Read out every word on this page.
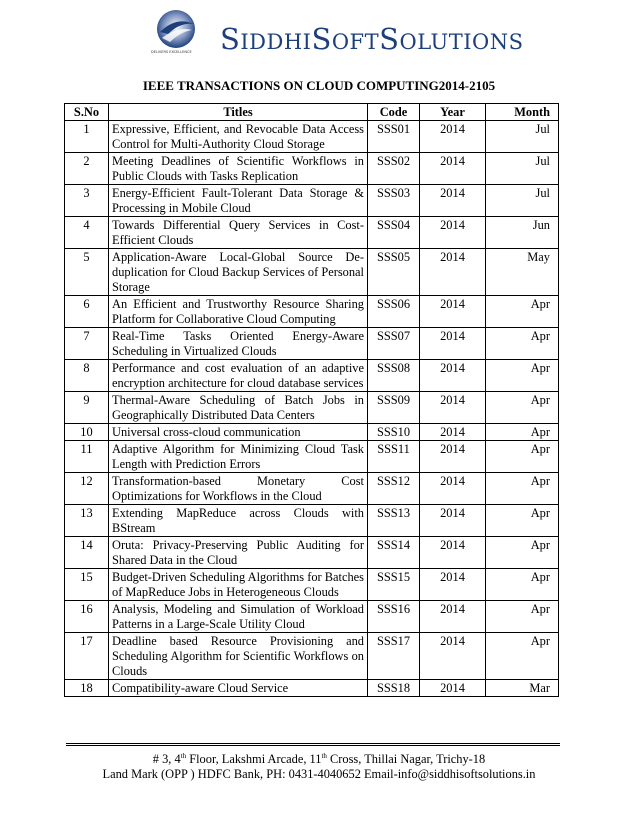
DELIVERS EXCELLENCE SIDDHISOFTSOLUTIONS
IEEE TRANSACTIONS ON CLOUD COMPUTING2014-2105
S.No	Titles	Code	Year	Month
1	Expressive, Efficient, and Revocable Data Access Control for Multi-Authority Cloud Storage	SSS01	2014	Jul
2	Meeting Deadlines of Scientific Workflows in Public Clouds with Tasks Replication	SSS02	2014	Jul
3	Energy-Efficient Fault-Tolerant Data Storage & Processing in Mobile Cloud	SSS03	2014	Jul
4	Towards Differential Query Services in Cost-Efficient Clouds	SSS04	2014	Jun
5	Application-Aware Local-Global Source De-duplication for Cloud Backup Services of Personal Storage	SSS05	2014	May
6	An Efficient and Trustworthy Resource Sharing Platform for Collaborative Cloud Computing	SSS06	2014	Apr
7	Real-Time Tasks Oriented Energy-Aware Scheduling in Virtualized Clouds	SSS07	2014	Apr
8	Performance and cost evaluation of an adaptive encryption architecture for cloud database services	SSS08	2014	Apr
9	Thermal-Aware Scheduling of Batch Jobs in Geographically Distributed Data Centers	SSS09	2014	Apr
10	Universal cross-cloud communication	SSS10	2014	Apr
11	Adaptive Algorithm for Minimizing Cloud Task Length with Prediction Errors	SSS11	2014	Apr
12	Transformation-based Monetary Cost Optimizations for Workflows in the Cloud	SSS12	2014	Apr
13	Extending MapReduce across Clouds with BStream	SSS13	2014	Apr
14	Oruta: Privacy-Preserving Public Auditing for Shared Data in the Cloud	SSS14	2014	Apr
15	Budget-Driven Scheduling Algorithms for Batches of MapReduce Jobs in Heterogeneous Clouds	SSS15	2014	Apr
16	Analysis, Modeling and Simulation of Workload Patterns in a Large-Scale Utility Cloud	SSS16	2014	Apr
17	Deadline based Resource Provisioning and Scheduling Algorithm for Scientific Workflows on Clouds	SSS17	2014	Apr
18	Compatibility-aware Cloud Service	SSS18	2014	Mar
# 3, 4th Floor, Lakshmi Arcade, 11th Cross, Thillai Nagar, Trichy-18
Land Mark (OPP ) HDFC Bank, PH: 0431-4040652 Email-info@siddhisoftsolutions.in
